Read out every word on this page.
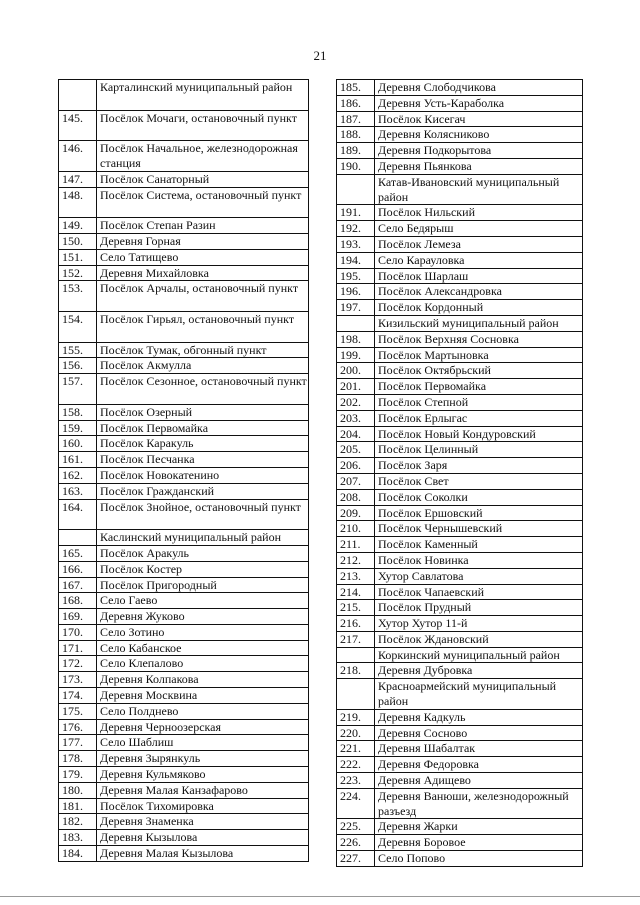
21
	Карталинский муниципальный район
145.	Посёлок Мочаги, остановочный пункт
146.	Посёлок Начальное, железнодорожная станция
147.	Посёлок Санаторный
148.	Посёлок Система, остановочный пункт
149.	Посёлок Степан Разин
150.	Деревня Горная
151.	Село Татищево
152.	Деревня Михайловка
153.	Посёлок Арчалы, остановочный пункт
154.	Посёлок Гирьял, остановочный пункт
155.	Посёлок Тумак, обгонный пункт
156.	Посёлок Акмулла
157.	Посёлок Сезонное, остановочный пункт
158.	Посёлок Озерный
159.	Посёлок Первомайка
160.	Посёлок Каракуль
161.	Посёлок Песчанка
162.	Посёлок Новокатенино
163.	Посёлок Гражданский
164.	Посёлок Знойное, остановочный пункт
	Каслинский муниципальный район
165.	Посёлок Аракуль
166.	Посёлок Костер
167.	Посёлок Пригородный
168.	Село Гаево
169.	Деревня Жуково
170.	Село Зотино
171.	Село Кабанское
172.	Село Клепалово
173.	Деревня Колпакова
174.	Деревня Москвина
175.	Село Полднево
176.	Деревня Черноозерская
177.	Село Шаблиш
178.	Деревня Зырянкуль
179.	Деревня Кульмяково
180.	Деревня Малая Канзафарово
181.	Посёлок Тихомировка
182.	Деревня Знаменка
183.	Деревня Кызылова
184.	Деревня Малая Кызылова
185.	Деревня Слободчикова
186.	Деревня Усть-Караболка
187.	Посёлок Кисегач
188.	Деревня Колясниково
189.	Деревня Подкорытова
190.	Деревня Пьянкова
	Катав-Ивановский муниципальный район
191.	Посёлок Нильский
192.	Село Бедярыш
193.	Посёлок Лемеза
194.	Село Карауловка
195.	Посёлок Шарлаш
196.	Посёлок Александровка
197.	Посёлок Кордонный
	Кизильский муниципальный район
198.	Посёлок Верхняя Сосновка
199.	Посёлок Мартыновка
200.	Посёлок Октябрьский
201.	Посёлок Первомайка
202.	Посёлок Степной
203.	Посёлок Ерлыгас
204.	Посёлок Новый Кондуровский
205.	Посёлок Целинный
206.	Посёлок Заря
207.	Посёлок Свет
208.	Посёлок Соколки
209.	Посёлок Ершовский
210.	Посёлок Чернышевский
211.	Посёлок Каменный
212.	Посёлок Новинка
213.	Хутор Савлатова
214.	Посёлок Чапаевский
215.	Посёлок Прудный
216.	Хутор Хутор 11-й
217.	Посёлок Ждановский
	Коркинский муниципальный район
218.	Деревня Дубровка
	Красноармейский муниципальный район
219.	Деревня Кадкуль
220.	Деревня Сосново
221.	Деревня Шабалтак
222.	Деревня Федоровка
223.	Деревня Адищево
224.	Деревня Ванюши, железнодорожный разъезд
225.	Деревня Жарки
226.	Деревня Боровое
227.	Село Попово
